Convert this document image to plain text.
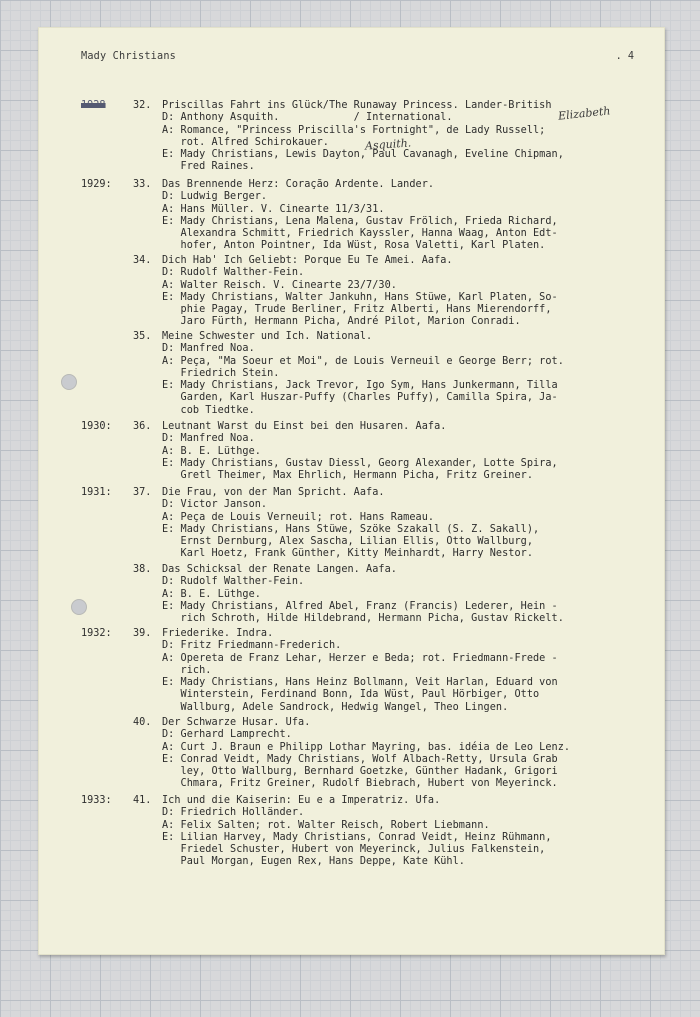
Mady Christians	. 4
1928	32.	Priscillas Fahrt ins Glück/The Runaway Princess. Lander-British
D: Anthony Asquith.            / International.
A: Romance, "Princess Priscilla's Fortnight", de Lady Russell;
rot. Alfred Schirokauer.
E: Mady Christians, Lewis Dayton, Paul Cavanagh, Eveline Chipman,
Fred Raines.
1929:	33.	Das Brennende Herz: Coração Ardente. Lander.
D: Ludwig Berger.
A: Hans Müller. V. Cinearte 11/3/31.
E: Mady Christians, Lena Malena, Gustav Frölich, Frieda Richard,
Alexandra Schmitt, Friedrich Kayssler, Hanna Waag, Anton Edt-
hofer, Anton Pointner, Ida Wüst, Rosa Valetti, Karl Platen.
34.	Dich Hab' Ich Geliebt: Porque Eu Te Amei. Aafa.
D: Rudolf Walther-Fein.
A: Walter Reisch. V. Cinearte 23/7/30.
E: Mady Christians, Walter Jankuhn, Hans Stüwe, Karl Platen, So-
phie Pagay, Trude Berliner, Fritz Alberti, Hans Mierendorff,
Jaro Fürth, Hermann Picha, André Pilot, Marion Conradi.
35.	Meine Schwester und Ich. National.
D: Manfred Noa.
A: Peça, "Ma Soeur et Moi", de Louis Verneuil e George Berr; rot.
Friedrich Stein.
E: Mady Christians, Jack Trevor, Igo Sym, Hans Junkermann, Tilla
Garden, Karl Huszar-Puffy (Charles Puffy), Camilla Spira, Ja-
cob Tiedtke.
1930:	36.	Leutnant Warst du Einst bei den Husaren. Aafa.
D: Manfred Noa.
A: B. E. Lüthge.
E: Mady Christians, Gustav Diessl, Georg Alexander, Lotte Spira,
Gretl Theimer, Max Ehrlich, Hermann Picha, Fritz Greiner.
1931:	37.	Die Frau, von der Man Spricht. Aafa.
D: Victor Janson.
A: Peça de Louis Verneuil; rot. Hans Rameau.
E: Mady Christians, Hans Stüwe, Szöke Szakall (S. Z. Sakall),
Ernst Dernburg, Alex Sascha, Lilian Ellis, Otto Wallburg,
Karl Hoetz, Frank Günther, Kitty Meinhardt, Harry Nestor.
38.	Das Schicksal der Renate Langen. Aafa.
D: Rudolf Walther-Fein.
A: B. E. Lüthge.
E: Mady Christians, Alfred Abel, Franz (Francis) Lederer, Hein -
rich Schroth, Hilde Hildebrand, Hermann Picha, Gustav Rickelt.
1932:	39.	Friederike. Indra.
D: Fritz Friedmann-Frederich.
A: Opereta de Franz Lehar, Herzer e Beda; rot. Friedmann-Frede -
rich.
E: Mady Christians, Hans Heinz Bollmann, Veit Harlan, Eduard von
Winterstein, Ferdinand Bonn, Ida Wüst, Paul Hörbiger, Otto
Wallburg, Adele Sandrock, Hedwig Wangel, Theo Lingen.
40.	Der Schwarze Husar. Ufa.
D: Gerhard Lamprecht.
A: Curt J. Braun e Philipp Lothar Mayring, bas. idéia de Leo Lenz.
E: Conrad Veidt, Mady Christians, Wolf Albach-Retty, Ursula Grab
ley, Otto Wallburg, Bernhard Goetzke, Günther Hadank, Grigori
Chmara, Fritz Greiner, Rudolf Biebrach, Hubert von Meyerinck.
1933:	41.	Ich und die Kaiserin: Eu e a Imperatriz. Ufa.
D: Friedrich Holländer.
A: Felix Salten; rot. Walter Reisch, Robert Liebmann.
E: Lilian Harvey, Mady Christians, Conrad Veidt, Heinz Rühmann,
Friedel Schuster, Hubert von Meyerinck, Julius Falkenstein,
Paul Morgan, Eugen Rex, Hans Deppe, Kate Kühl.
Elizabeth
Asquith.
